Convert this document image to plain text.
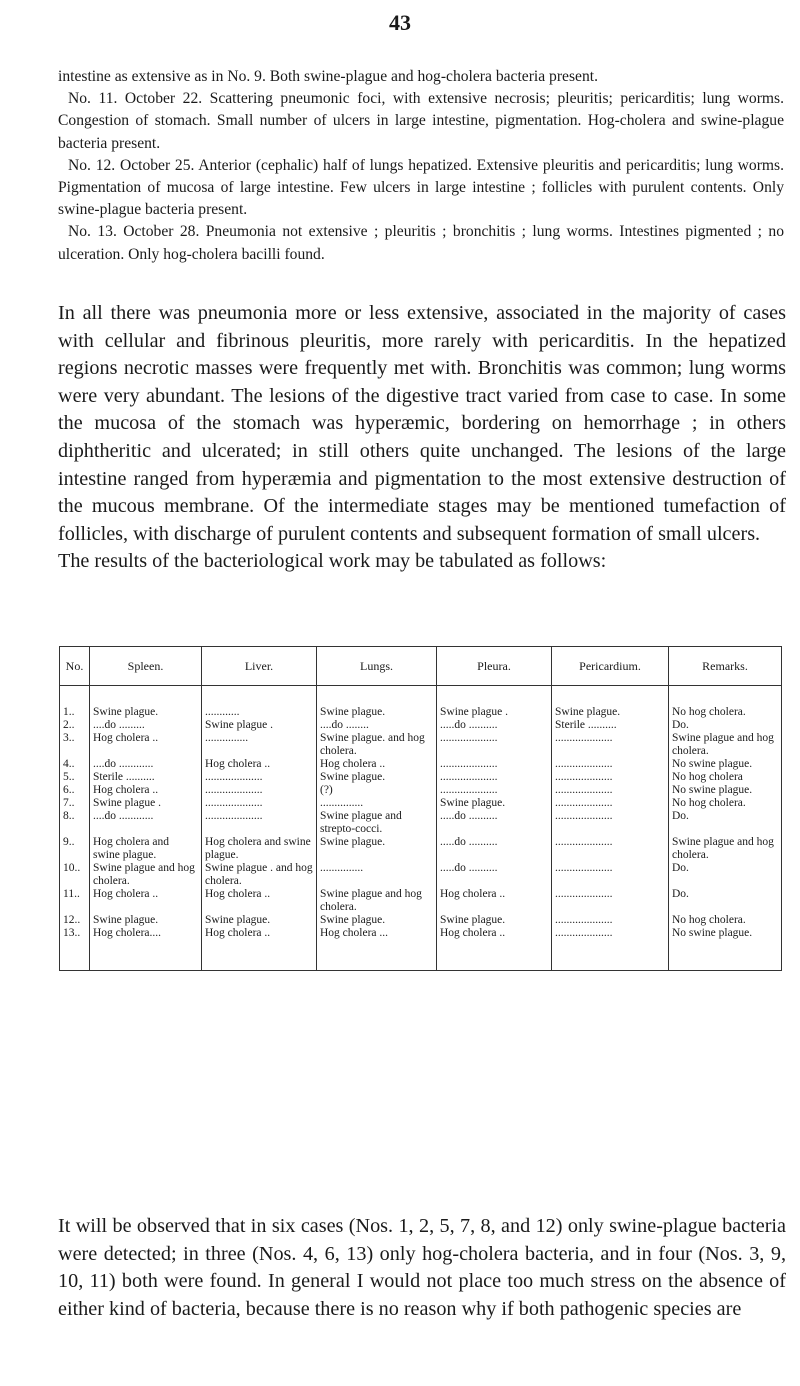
43

intestine as extensive as in No. 9. Both swine-plague and hog-cholera bacteria present.

No. 11. October 22. Scattering pneumonic foci, with extensive necrosis; pleuritis; pericarditis; lung worms. Congestion of stomach. Small number of ulcers in large intestine, pigmentation. Hog-cholera and swine-plague bacteria present.

No. 12. October 25. Anterior (cephalic) half of lungs hepatized. Extensive pleuritis and pericarditis; lung worms. Pigmentation of mucosa of large intestine. Few ulcers in large intestine ; follicles with purulent contents. Only swine-plague bacteria present.

No. 13. October 28. Pneumonia not extensive ; pleuritis ; bronchitis ; lung worms. Intestines pigmented ; no ulceration. Only hog-cholera bacilli found.

In all there was pneumonia more or less extensive, associated in the majority of cases with cellular and fibrinous pleuritis, more rarely with pericarditis. In the hepatized regions necrotic masses were frequently met with. Bronchitis was common; lung worms were very abundant. The lesions of the digestive tract varied from case to case. In some the mucosa of the stomach was hyperæmic, bordering on hemorrhage ; in others diphtheritic and ulcerated; in still others quite unchanged. The lesions of the large intestine ranged from hyperæmia and pigmentation to the most extensive destruction of the mucous membrane. Of the intermediate stages may be mentioned tumefaction of follicles, with discharge of purulent contents and subsequent formation of small ulcers.

The results of the bacteriological work may be tabulated as follows:

No.	Spleen.	Liver.	Lungs.	Pleura.	Pericardium.	Remarks.
1..	Swine plague.	............	Swine plague.	Swine plague .	Swine plague.	No hog cholera.
2..	....do .........	Swine plague .	....do ........	.....do ..........	Sterile ..........	Do.
3..	Hog cholera ..	...............	Swine plague. and hog cholera.	....................	....................	Swine plague and hog cholera.
4..	....do ............	Hog cholera ..	Hog cholera ..	....................	....................	No swine plague.
5..	Sterile ..........	....................	Swine plague.	....................	....................	No hog cholera
6..	Hog cholera ..	....................	(?)	....................	....................	No swine plague.
7..	Swine plague .	....................	...............	Swine plague.	....................	No hog cholera.
8..	....do ............	....................	Swine plague and strepto-cocci.	.....do ..........	....................	Do.
9..	Hog cholera and swine plague.	Hog cholera and swine plague.	Swine plague.	.....do ..........	....................	Swine plague and hog cholera.
10..	Swine plague and hog cholera.	Swine plague . and hog cholera.	...............	.....do ..........	....................	Do.
11..	Hog cholera ..	Hog cholera ..	Swine plague and hog cholera.	Hog cholera ..	....................	Do.
12..	Swine plague.	Swine plague.	Swine plague.	Swine plague.	....................	No hog cholera.
13..	Hog cholera....	Hog cholera ..	Hog cholera ...	Hog cholera ..	....................	No swine plague.

It will be observed that in six cases (Nos. 1, 2, 5, 7, 8, and 12) only swine-plague bacteria were detected; in three (Nos. 4, 6, 13) only hog-cholera bacteria, and in four (Nos. 3, 9, 10, 11) both were found. In general I would not place too much stress on the absence of either kind of bacteria, because there is no reason why if both pathogenic species are
